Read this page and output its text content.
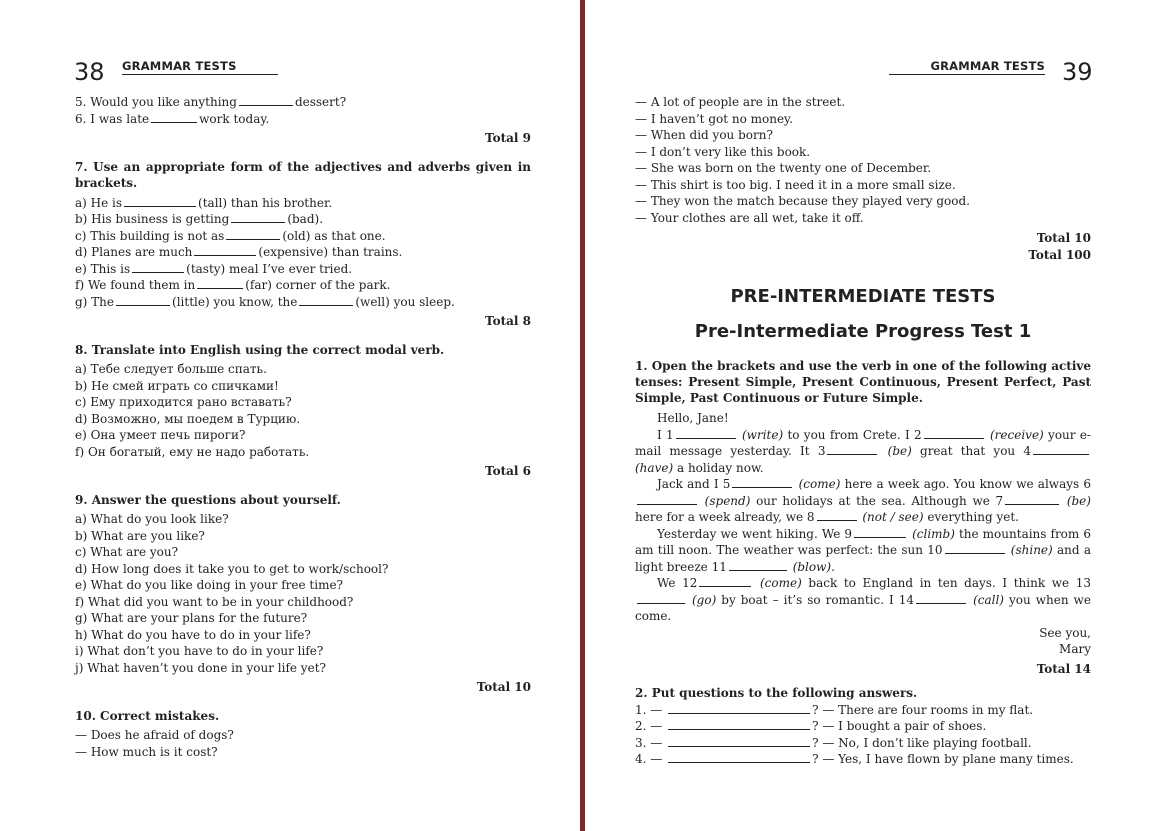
38 GRAMMAR TESTS
5. Would you like anything	dessert?
6. I was late	work today.
Total 9
7. Use an appropriate form of the adjectives and adverbs given in brackets.
a) He is	(tall) than his brother.
b) His business is getting	(bad).
c) This building is not as	(old) as that one.
d) Planes are much	(expensive) than trains.
e) This is	(tasty) meal I’ve ever tried.
f) We found them in	(far) corner of the park.
g) The	(little) you know, the	(well) you sleep.
Total 8
8. Translate into English using the correct modal verb.
a) Тебе следует больше спать.
b) Не смей играть со спичками!
c) Ему приходится рано вставать?
d) Возможно, мы поедем в Турцию.
e) Она умеет печь пироги?
f) Он богатый, ему не надо работать.
Total 6
9. Answer the questions about yourself.
a) What do you look like?
b) What are you like?
c) What are you?
d) How long does it take you to get to work/school?
e) What do you like doing in your free time?
f) What did you want to be in your childhood?
g) What are your plans for the future?
h) What do you have to do in your life?
i) What don’t you have to do in your life?
j) What haven’t you done in your life yet?
Total 10
10. Correct mistakes.
— Does he afraid of dogs?
— How much is it cost?
GRAMMAR TESTS 39
— A lot of people are in the street.
— I haven’t got no money.
— When did you born?
— I don’t very like this book.
— She was born on the twenty one of December.
— This shirt is too big. I need it in a more small size.
— They won the match because they played very good.
— Your clothes are all wet, take it off.
Total 10
Total 100
PRE-INTERMEDIATE TESTS
Pre-Intermediate Progress Test 1
1. Open the brackets and use the verb in one of the following active tenses: Present Simple, Present Continuous, Present Perfect, Past Simple, Past Continuous or Future Simple.
Hello, Jane!
I 1	(write) to you from Crete. I 2	(receive) your e-mail message yesterday. It 3	(be) great that you 4 (have) a holiday now.
Jack and I 5	(come) here a week ago. You know we always 6 (spend) our holidays at the sea. Although we 7	(be) here for a week already, we 8	(not / see) everything yet.
Yesterday we went hiking. We 9	(climb) the mountains from 6 am till noon. The weather was perfect: the sun 10	(shine) and a light breeze 11	(blow).
We 12	(come) back to England in ten days. I think we 13 (go) by boat – it’s so romantic. I 14	(call) you when we come.
See you,
Mary
Total 14
2. Put questions to the following answers.
1. —	? — There are four rooms in my flat.
2. —	? — I bought a pair of shoes.
3. —	? — No, I don’t like playing football.
4. —	? — Yes, I have flown by plane many times.
